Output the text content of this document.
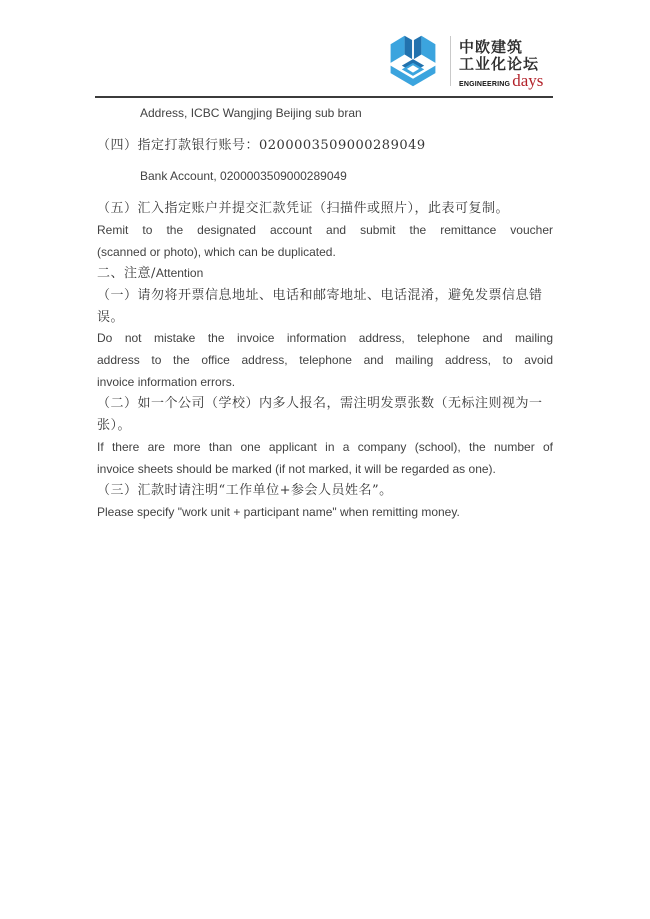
中欧建筑
工业化论坛
ENGINEERING days
Address, ICBC Wangjing Beijing sub bran
（四）指定打款银行账号：0200003509000289049
Bank Account, 0200003509000289049
（五）汇入指定账户并提交汇款凭证（扫描件或照片），此表可复制。
Remit to the designated account and submit the remittance voucher
(scanned or photo), which can be duplicated.
二、注意/Attention
（一）请勿将开票信息地址、电话和邮寄地址、电话混淆，避免发票信息错误。
Do not mistake the invoice information address, telephone and mailing
address to the office address, telephone and mailing address, to avoid
invoice information errors.
（二）如一个公司（学校）内多人报名，需注明发票张数（无标注则视为一张）。
If there are more than one applicant in a company (school), the number of
invoice sheets should be marked (if not marked, it will be regarded as one).
（三）汇款时请注明“工作单位+参会人员姓名”。
Please specify "work unit + participant name" when remitting money.
